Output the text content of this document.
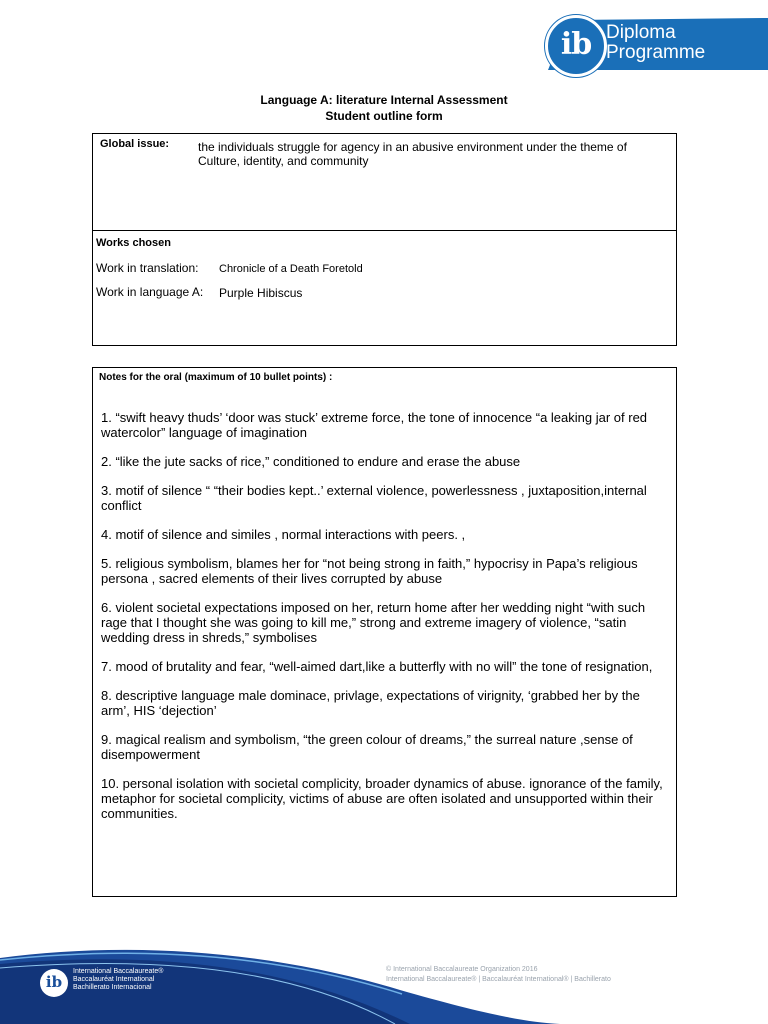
ib Diploma
Programme
Language A: literature Internal Assessment
Student outline form
Global issue: the individuals struggle for agency in an abusive environment under the theme of
Culture, identity, and community
Works chosen
Work in translation: Chronicle of a Death Foretold
Work in language A: Purple Hibiscus
Notes for the oral (maximum of 10 bullet points) :

1. “swift heavy thuds’ ‘door was stuck’ extreme force, the tone of innocence “a leaking jar of red watercolor” language of imagination

2. “like the jute sacks of rice,” conditioned to endure and erase the abuse

3. motif of silence “ “their bodies kept..’ external violence, powerlessness , juxtaposition,internal conflict

4. motif of silence and similes , normal interactions with peers. ,

5. religious symbolism, blames her for “not being strong in faith,” hypocrisy in Papa’s religious persona , sacred elements of their lives corrupted by abuse

6. violent societal expectations imposed on her, return home after her wedding night “with such rage that I thought she was going to kill me,” strong and extreme imagery of violence, “satin wedding dress in shreds,” symbolises

7. mood of brutality and fear, “well-aimed dart,like a butterfly with no will” the tone of resignation,

8. descriptive language male dominace, privlage, expectations of virignity, ‘grabbed her by the arm’, HIS ‘dejection’

9. magical realism and symbolism, “the green colour of dreams,” the surreal nature ,sense of disempowerment

10. personal isolation with societal complicity, broader dynamics of abuse. ignorance of the family, metaphor for societal complicity, victims of abuse are often isolated and unsupported within their communities.

ib
International Baccalaureate®
Baccalauréat International
Bachillerato Internacional
© International Baccalaureate Organization 2016
International Baccalaureate® | Baccalauréat International® | Bachillerato
